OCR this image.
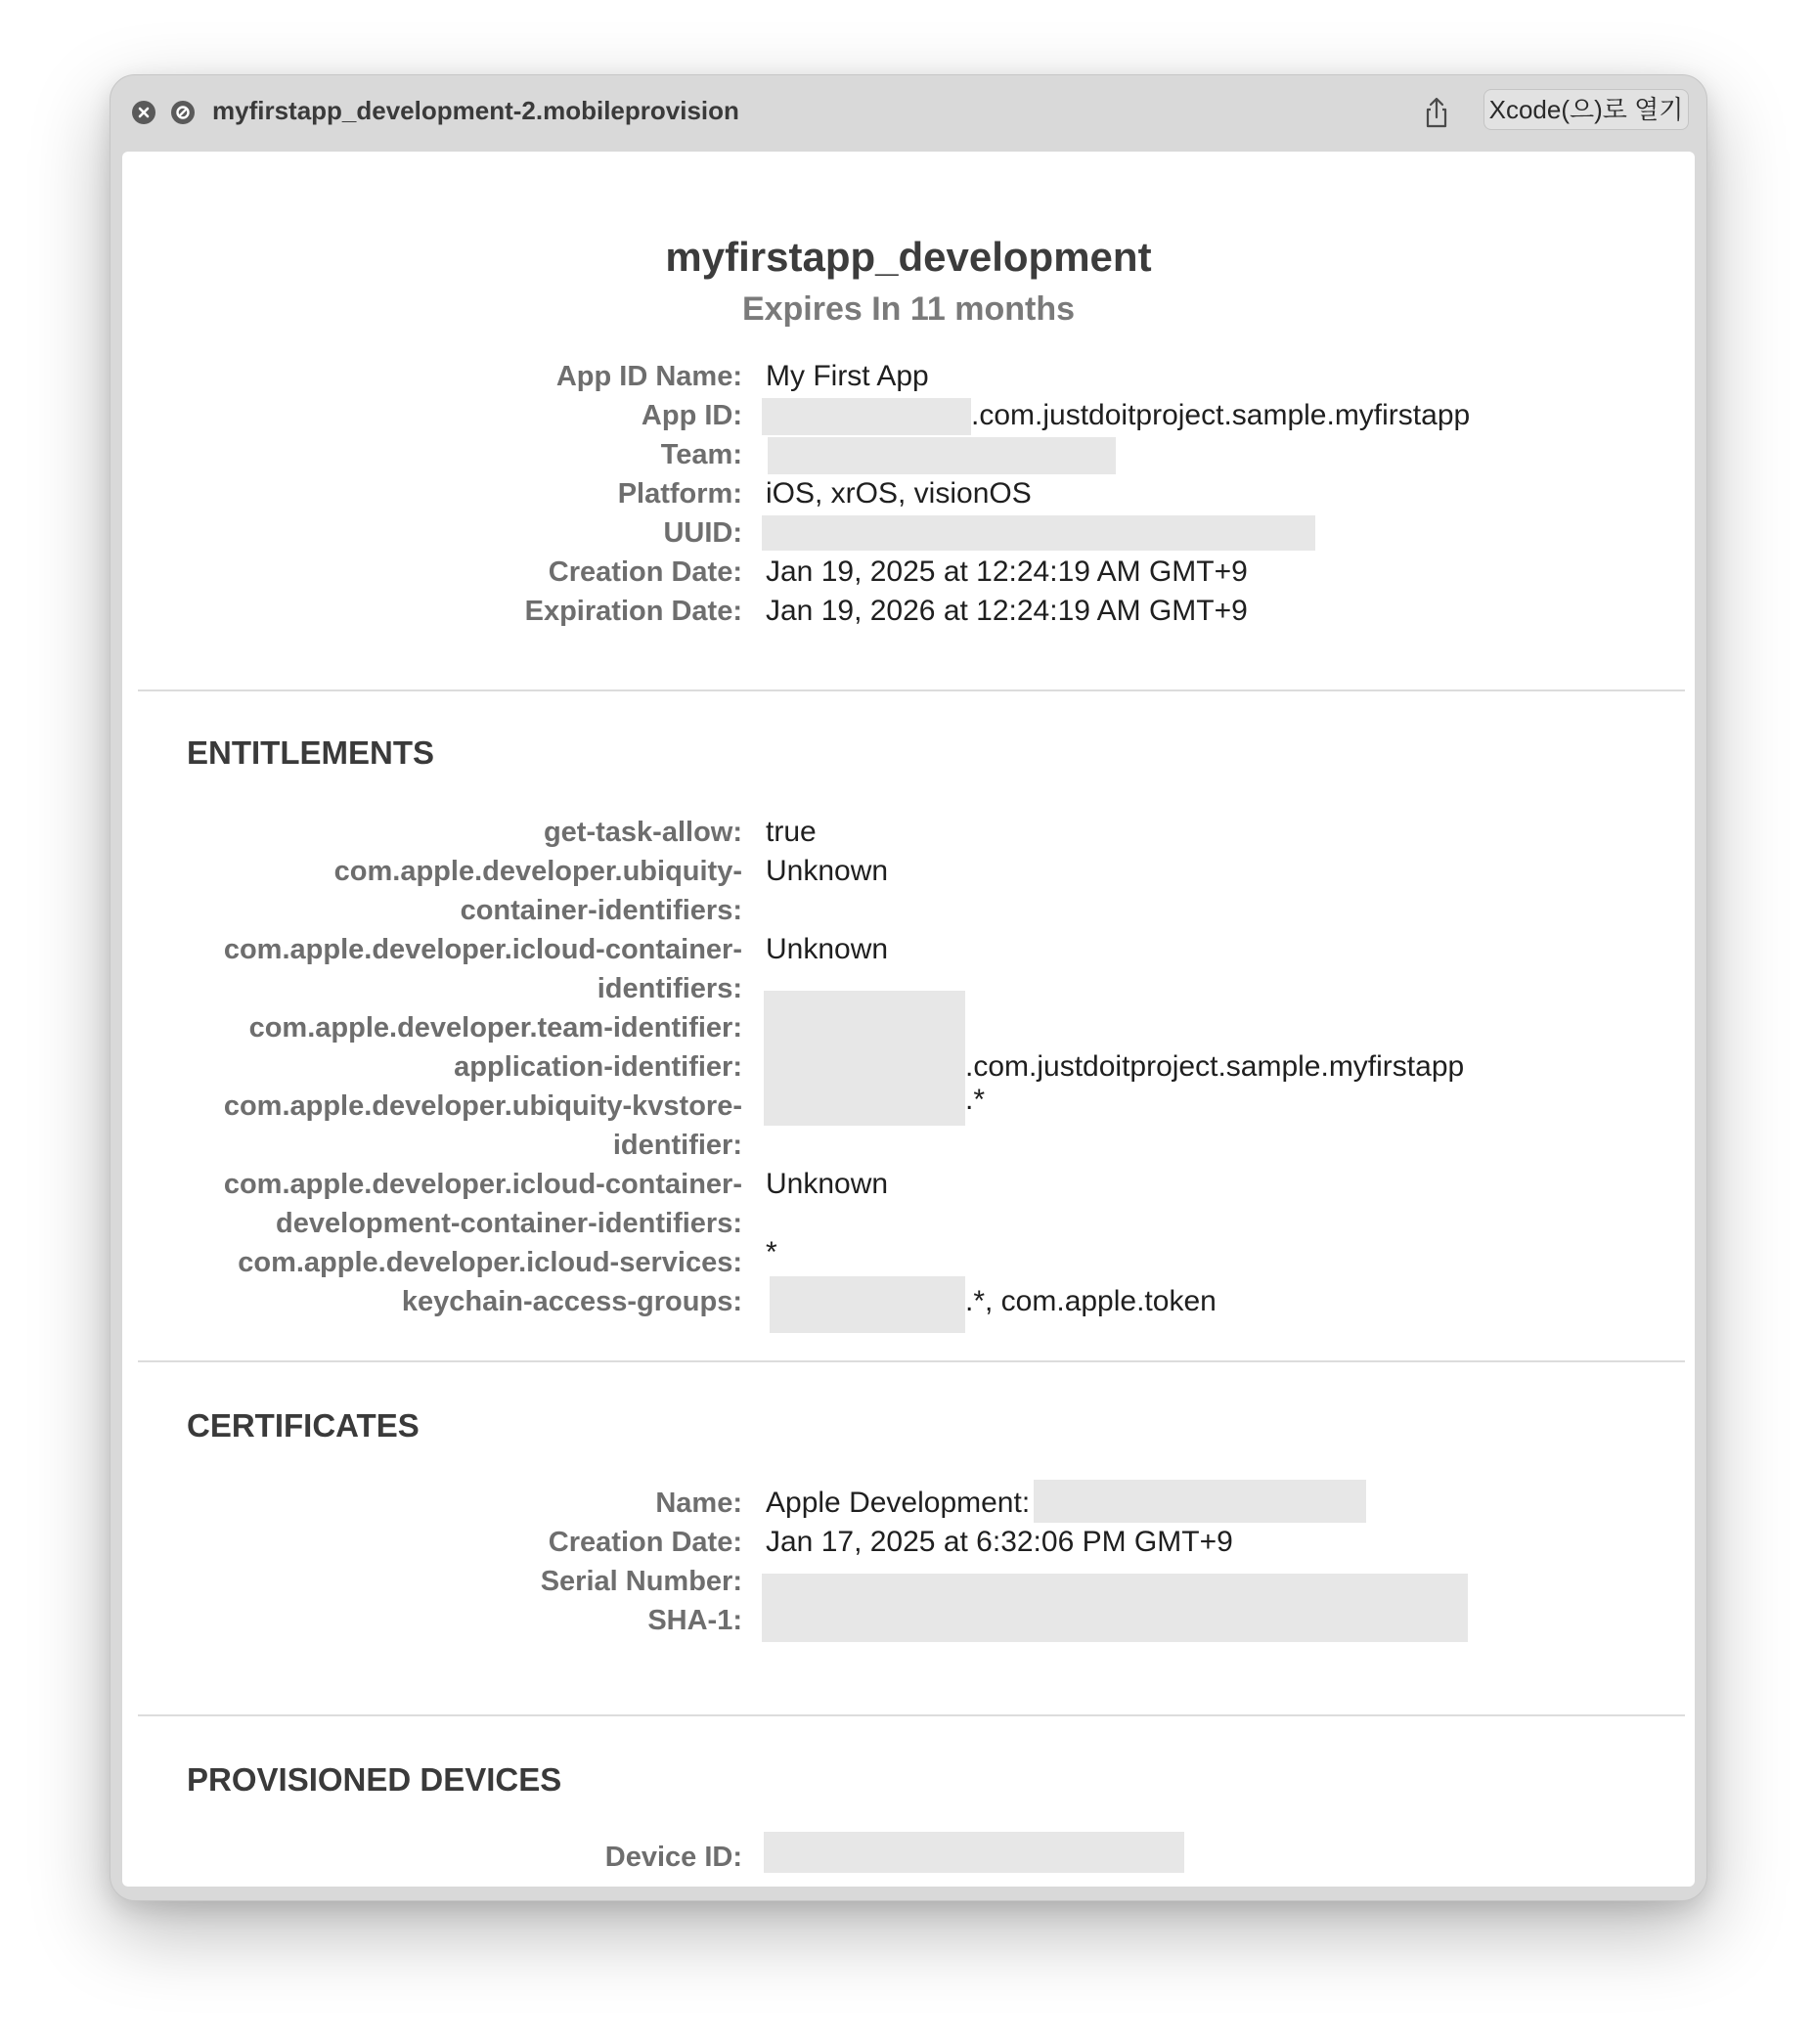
myfirstapp_development-2.mobileprovision	Xcode(으)로 열기
myfirstapp_development
Expires In 11 months
App ID Name: My First App
App ID:	.com.justdoitproject.sample.myfirstapp
Team:
Platform: iOS, xrOS, visionOS
UUID:
Creation Date: Jan 19, 2025 at 12:24:19 AM GMT+9
Expiration Date: Jan 19, 2026 at 12:24:19 AM GMT+9
ENTITLEMENTS
get-task-allow: true
com.apple.developer.ubiquity-
container-identifiers:
Unknown
com.apple.developer.icloud-container-
identifiers:
Unknown
com.apple.developer.team-identifier:
application-identifier:	.com.justdoitproject.sample.myfirstapp
com.apple.developer.ubiquity-kvstore-
identifier:
.*
com.apple.developer.icloud-container-
development-container-identifiers:
Unknown
com.apple.developer.icloud-services: *
keychain-access-groups:	.*, com.apple.token
CERTIFICATES
Name: Apple Development:
Creation Date: Jan 17, 2025 at 6:32:06 PM GMT+9
Serial Number:
SHA-1:
PROVISIONED DEVICES
Device ID:
